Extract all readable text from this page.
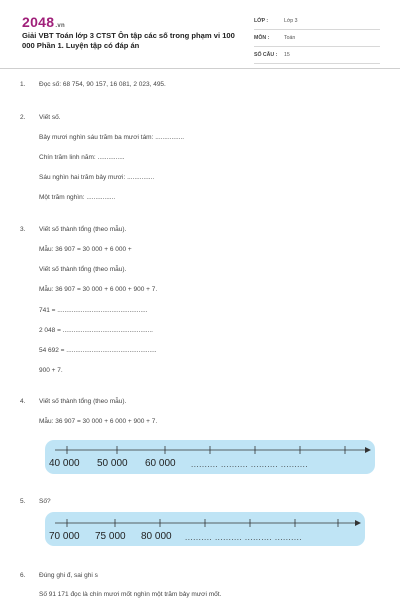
2048.vn
Giải VBT Toán lớp 3 CTST Ôn tập các số trong phạm vi 100 000 Phần 1. Luyện tập có đáp án
LỚP :	Lớp 3
MÔN :	Toán
SỐ CÂU : 15
1. Đọc số: 68 754, 90 157, 16 081, 2 023, 495.
2. Viết số.
Bảy mươi nghìn sáu trăm ba mươi tám: ................
Chín trăm linh năm: ...............
Sáu nghìn hai trăm bảy mươi: ...............
Một trăm nghìn: ................
3. Viết số thành tổng (theo mẫu).
Mẫu: 36 907 = 30 000 + 6 000 +
Viết số thành tổng (theo mẫu).
Mẫu: 36 907 = 30 000 + 6 000 + 900 + 7.
741 = ..................................................
2 048 = ..................................................
54 692 = ..................................................
900 + 7.
4. Viết số thành tổng (theo mẫu).
Mẫu: 36 907 = 30 000 + 6 000 + 900 + 7.
40 000 50 000 60 000 .......... .......... .......... ..........
5. Số?
70 000 75 000 80 000 .......... .......... .......... ..........
6. Đúng ghi đ, sai ghi s
Số 91 171 đọc là chín mươi mốt nghìn một trăm bảy mươi mốt.
